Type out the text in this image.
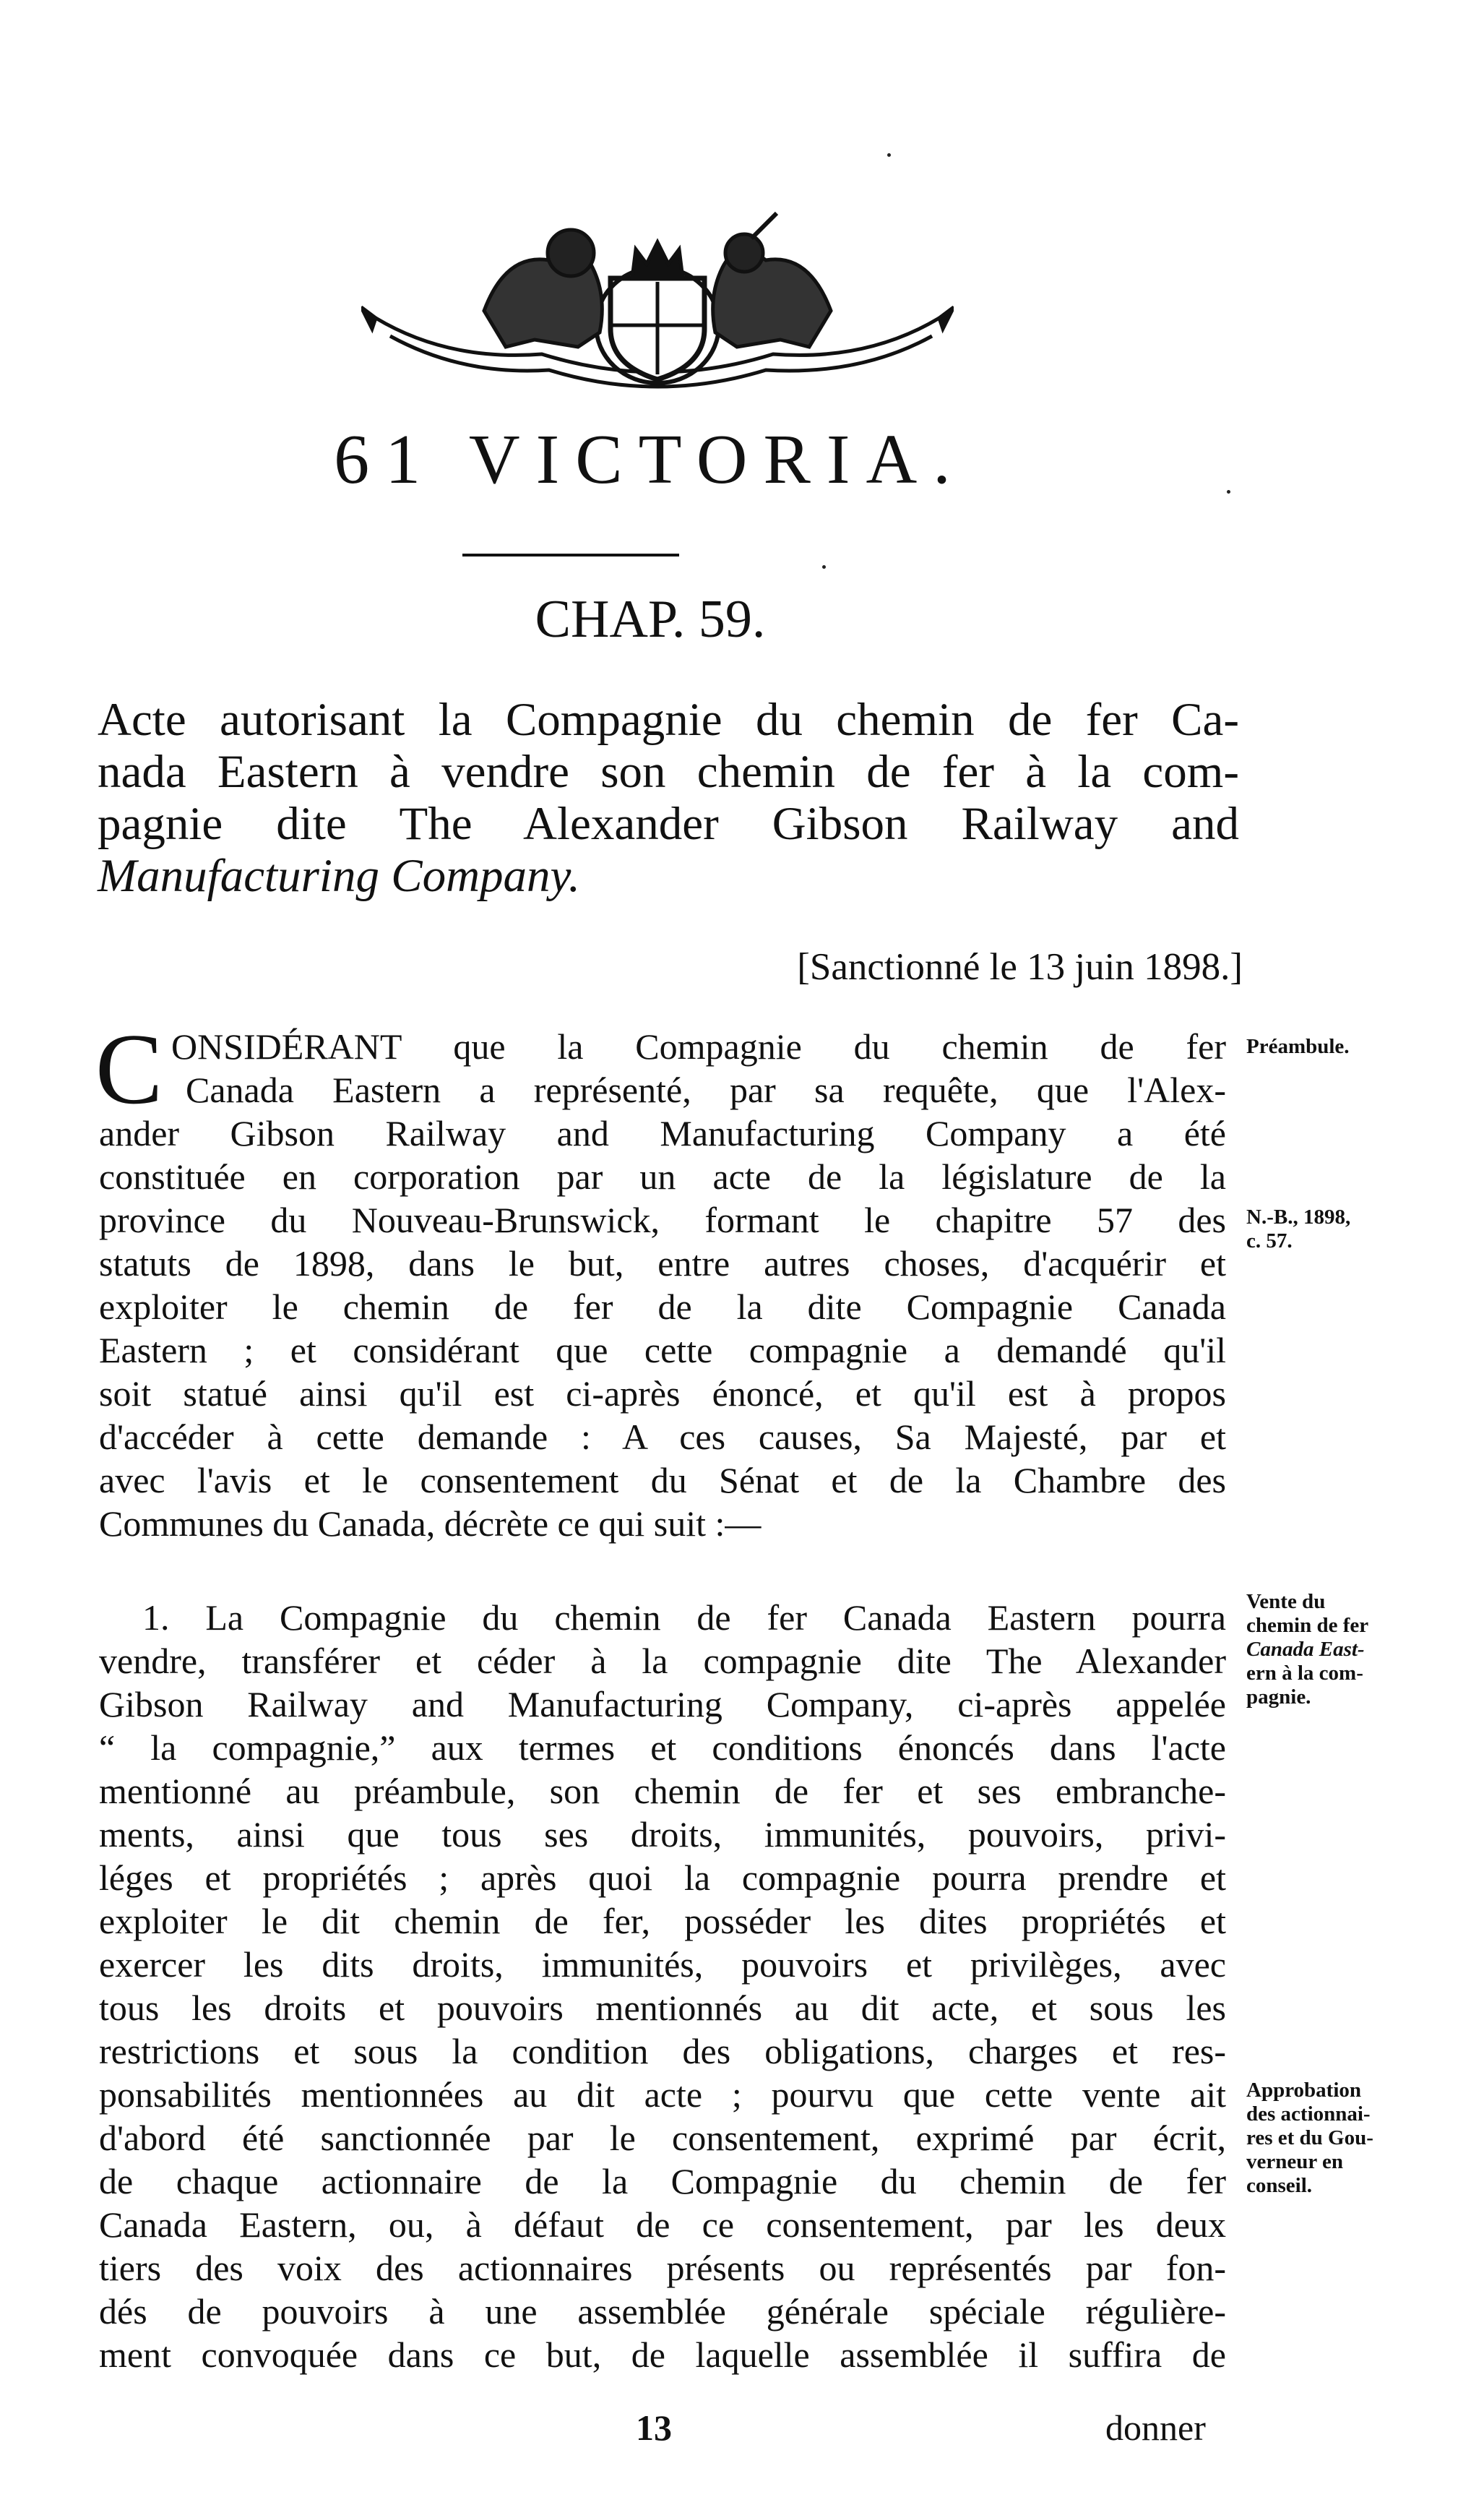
61 VICTORIA.
CHAP. 59.
Acte autorisant la Compagnie du chemin de fer Ca-
nada Eastern à vendre son chemin de fer à la com-
pagnie dite The Alexander Gibson Railway and
Manufacturing Company.
[Sanctionné le 13 juin 1898.]
C ONSIDÉRANT que la Compagnie du chemin de fer
Canada Eastern a représenté, par sa requête, que l'Alex-
ander Gibson Railway and Manufacturing Company a été
constituée en corporation par un acte de la législature de la
province du Nouveau-Brunswick, formant le chapitre 57 des
statuts de 1898, dans le but, entre autres choses, d'acquérir et
exploiter le chemin de fer de la dite Compagnie Canada
Eastern ; et considérant que cette compagnie a demandé qu'il
soit statué ainsi qu'il est ci-après énoncé, et qu'il est à propos
d'accéder à cette demande : A ces causes, Sa Majesté, par et
avec l'avis et le consentement du Sénat et de la Chambre des
Communes du Canada, décrète ce qui suit :—
1. La Compagnie du chemin de fer Canada Eastern pourra
vendre, transférer et céder à la compagnie dite The Alexander
Gibson Railway and Manufacturing Company, ci-après appelée
“ la compagnie,” aux termes et conditions énoncés dans l'acte
mentionné au préambule, son chemin de fer et ses embranche-
ments, ainsi que tous ses droits, immunités, pouvoirs, privi-
léges et propriétés ; après quoi la compagnie pourra prendre et
exploiter le dit chemin de fer, posséder les dites propriétés et
exercer les dits droits, immunités, pouvoirs et privilèges, avec
tous les droits et pouvoirs mentionnés au dit acte, et sous les
restrictions et sous la condition des obligations, charges et res-
ponsabilités mentionnées au dit acte ; pourvu que cette vente ait
d'abord été sanctionnée par le consentement, exprimé par écrit,
de chaque actionnaire de la Compagnie du chemin de fer
Canada Eastern, ou, à défaut de ce consentement, par les deux
tiers des voix des actionnaires présents ou représentés par fon-
dés de pouvoirs à une assemblée générale spéciale régulière-
ment convoquée dans ce but, de laquelle assemblée il suffira de
Préambule.
N.-B., 1898,
c. 57.
Vente du
chemin de fer
Canada East-
ern à la com-
pagnie.
Approbation
des actionnai-
res et du Gou-
verneur en
conseil.
13	donner
